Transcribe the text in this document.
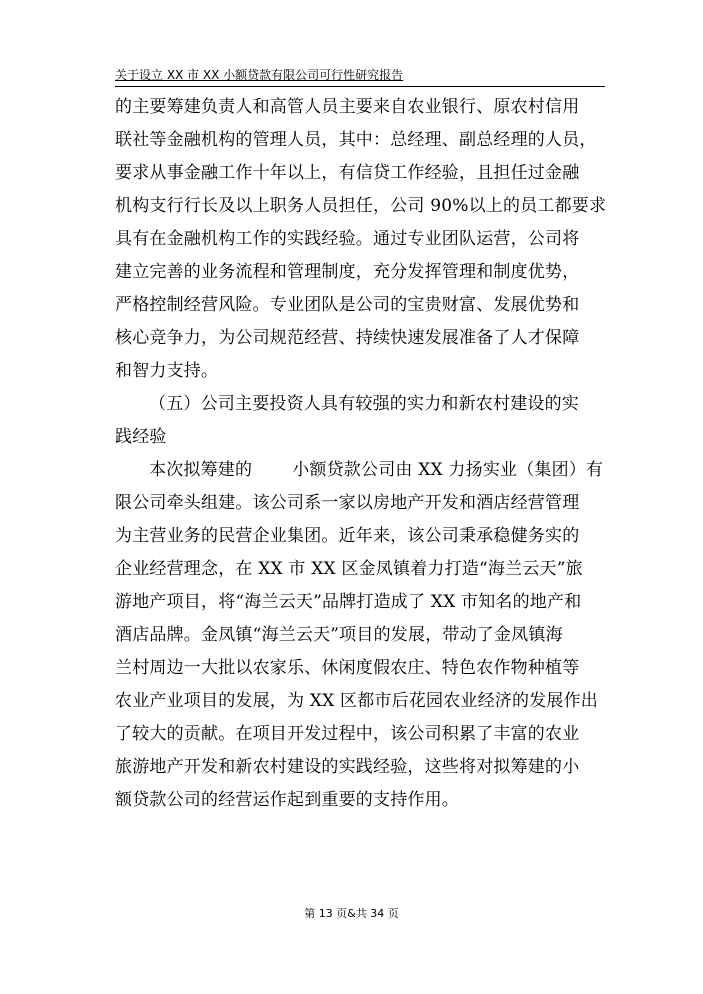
关于设立 XX 市 XX 小额贷款有限公司可行性研究报告
的主要筹建负责人和高管人员主要来自农业银行、原农村信用
联社等金融机构的管理人员，其中：总经理、副总经理的人员，
要求从事金融工作十年以上，有信贷工作经验，且担任过金融
机构支行行长及以上职务人员担任，公司 90%以上的员工都要求
具有在金融机构工作的实践经验。通过专业团队运营，公司将
建立完善的业务流程和管理制度，充分发挥管理和制度优势，
严格控制经营风险。专业团队是公司的宝贵财富、发展优势和
核心竞争力，为公司规范经营、持续快速发展准备了人才保障
和智力支持。
（五）公司主要投资人具有较强的实力和新农村建设的实
践经验
本次拟筹建的 小额贷款公司由 XX 力扬实业（集团）有
限公司牵头组建。该公司系一家以房地产开发和酒店经营管理
为主营业务的民营企业集团。近年来，该公司秉承稳健务实的
企业经营理念，在 XX 市 XX 区金凤镇着力打造“海兰云天”旅
游地产项目，将“海兰云天”品牌打造成了 XX 市知名的地产和
酒店品牌。金凤镇“海兰云天”项目的发展，带动了金凤镇海
兰村周边一大批以农家乐、休闲度假农庄、特色农作物种植等
农业产业项目的发展，为 XX 区都市后花园农业经济的发展作出
了较大的贡献。在项目开发过程中，该公司积累了丰富的农业
旅游地产开发和新农村建设的实践经验，这些将对拟筹建的小
额贷款公司的经营运作起到重要的支持作用。
第 13 页&共 34 页
